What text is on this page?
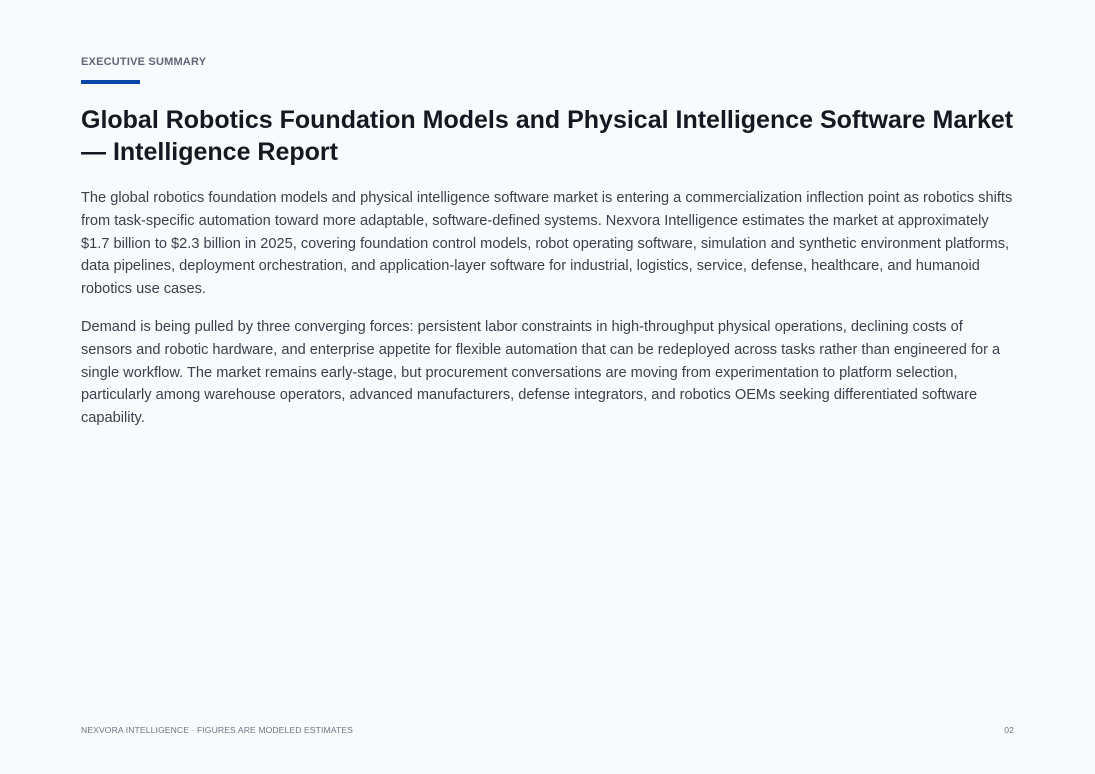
EXECUTIVE SUMMARY
Global Robotics Foundation Models and Physical Intelligence Software Market — Intelligence Report

The global robotics foundation models and physical intelligence software market is entering a commercialization inflection point as robotics shifts from task-specific automation toward more adaptable, software-defined systems. Nexvora Intelligence estimates the market at approximately $1.7 billion to $2.3 billion in 2025, covering foundation control models, robot operating software, simulation and synthetic environment platforms, data pipelines, deployment orchestration, and application-layer software for industrial, logistics, service, defense, healthcare, and humanoid robotics use cases.

Demand is being pulled by three converging forces: persistent labor constraints in high-throughput physical operations, declining costs of sensors and robotic hardware, and enterprise appetite for flexible automation that can be redeployed across tasks rather than engineered for a single workflow. The market remains early-stage, but procurement conversations are moving from experimentation to platform selection, particularly among warehouse operators, advanced manufacturers, defense integrators, and robotics OEMs seeking differentiated software capability.

NEXVORA INTELLIGENCE · FIGURES ARE MODELED ESTIMATES	02
